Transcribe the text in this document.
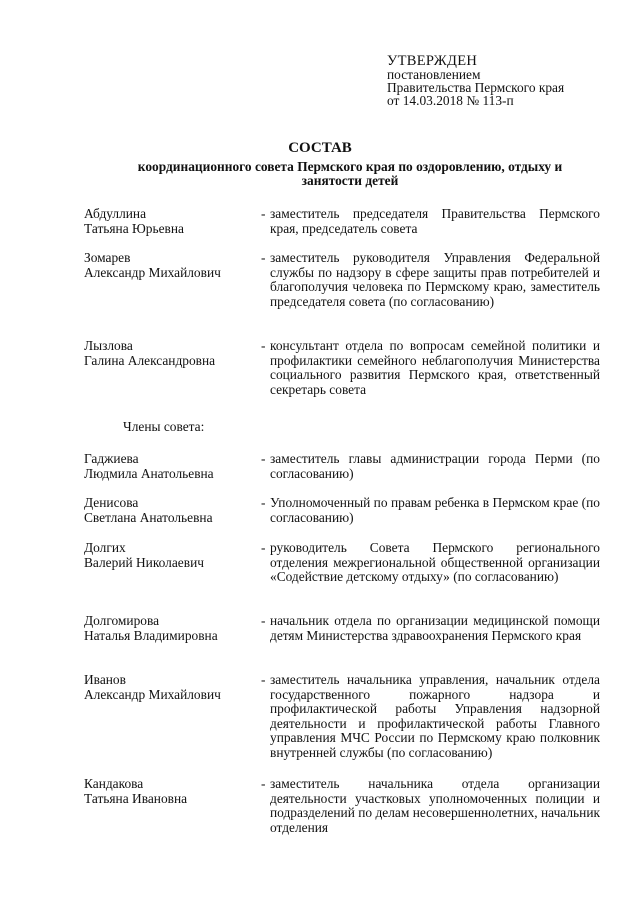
УТВЕРЖДЕН
постановлением
Правительства Пермского края
от 14.03.2018 № 113-п
СОСТАВ
координационного совета Пермского края по оздоровлению, отдыху и занятости детей
Абдуллина
Татьяна Юрьевна
- заместитель председателя Правительства Пермского края, председатель совета
Зомарев
Александр Михайлович
- заместитель руководителя Управления Федеральной службы по надзору в сфере защиты прав потребителей и благополучия человека по Пермскому краю, заместитель председателя совета (по согласованию)
Лызлова
Галина Александровна
- консультант отдела по вопросам семейной политики и профилактики семейного неблагополучия Министерства социального развития Пермского края, ответственный секретарь совета
Члены совета:
Гаджиева
Людмила Анатольевна
- заместитель главы администрации города Перми (по согласованию)
Денисова
Светлана Анатольевна
- Уполномоченный по правам ребенка в Пермском крае (по согласованию)
Долгих
Валерий Николаевич
- руководитель Совета Пермского регионального отделения межрегиональной общественной организации «Содействие детскому отдыху» (по согласованию)
Долгомирова
Наталья Владимировна
- начальник отдела по организации медицинской помощи детям Министерства здравоохранения Пермского края
Иванов
Александр Михайлович
- заместитель начальника управления, начальник отдела государственного пожарного надзора и профилактической работы Управления надзорной деятельности и профилактической работы Главного управления МЧС России по Пермскому краю полковник внутренней службы (по согласованию)
Кандакова
Татьяна Ивановна
- заместитель начальника отдела организации деятельности участковых уполномоченных полиции и подразделений по делам несовершеннолетних, начальник отделения
